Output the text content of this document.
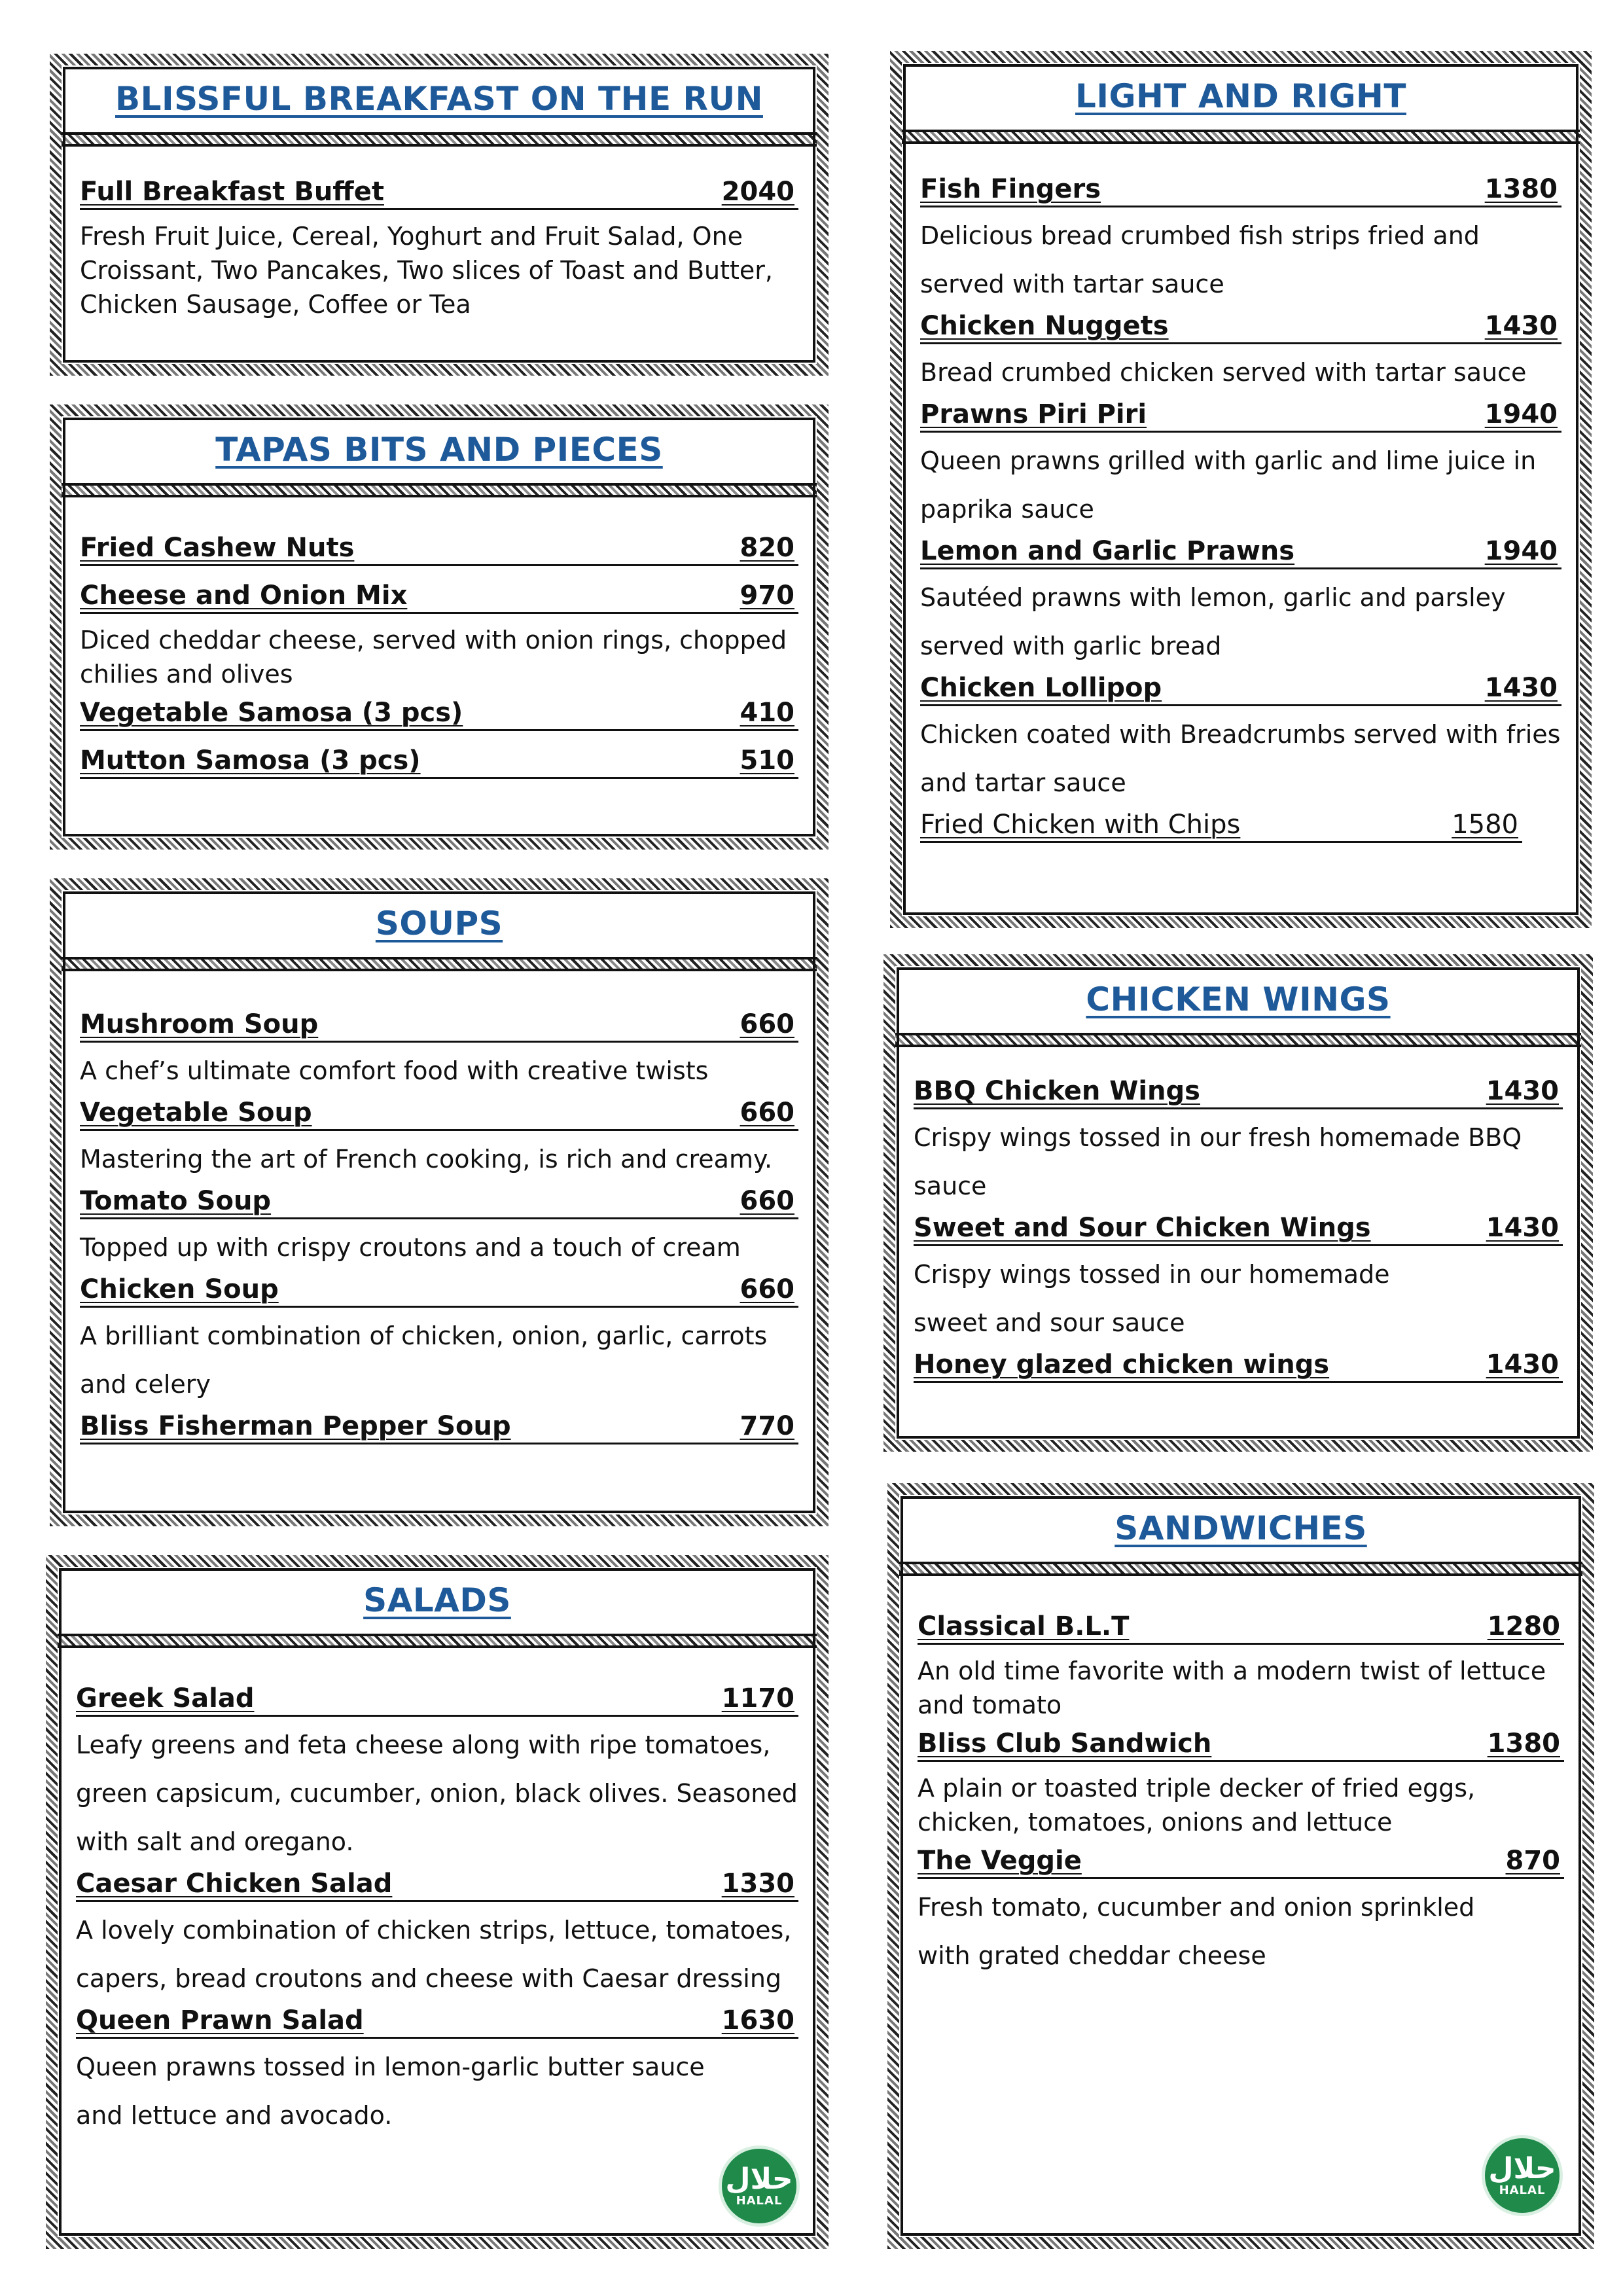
BLISSFUL BREAKFAST ON THE RUN
Full Breakfast Buffet	2040
Fresh Fruit Juice, Cereal, Yoghurt and Fruit Salad, One Croissant, Two Pancakes, Two slices of Toast and Butter, Chicken Sausage, Coffee or Tea
TAPAS BITS AND PIECES
Fried Cashew Nuts	820
Cheese and Onion Mix	970
Diced cheddar cheese, served with onion rings, chopped chilies and olives
Vegetable Samosa (3 pcs)	410
Mutton Samosa (3 pcs)	510
SOUPS
Mushroom Soup	660
A chef’s ultimate comfort food with creative twists
Vegetable Soup	660
Mastering the art of French cooking, is rich and creamy.
Tomato Soup	660
Topped up with crispy croutons and a touch of cream
Chicken Soup	660
A brilliant combination of chicken, onion, garlic, carrots and celery
Bliss Fisherman Pepper Soup	770
SALADS
Greek Salad	1170
Leafy greens and feta cheese along with ripe tomatoes, green capsicum, cucumber, onion, black olives. Seasoned with salt and oregano.
Caesar Chicken Salad	1330
A lovely combination of chicken strips, lettuce, tomatoes, capers, bread croutons and cheese with Caesar dressing
Queen Prawn Salad	1630
Queen prawns tossed in lemon-garlic butter sauce and lettuce and avocado.
حلال
HALAL
LIGHT AND RIGHT
Fish Fingers	1380
Delicious bread crumbed fish strips fried and served with tartar sauce
Chicken Nuggets	1430
Bread crumbed chicken served with tartar sauce
Prawns Piri Piri	1940
Queen prawns grilled with garlic and lime juice in paprika sauce
Lemon and Garlic Prawns	1940
Sautéed prawns with lemon, garlic and parsley served with garlic bread
Chicken Lollipop	1430
Chicken coated with Breadcrumbs served with fries and tartar sauce
Fried Chicken with Chips	1580
CHICKEN WINGS
BBQ Chicken Wings	1430
Crispy wings tossed in our fresh homemade BBQ sauce
Sweet and Sour Chicken Wings	1430
Crispy wings tossed in our homemade sweet and sour sauce
Honey glazed chicken wings	1430
SANDWICHES
Classical B.L.T	1280
An old time favorite with a modern twist of lettuce and tomato
Bliss Club Sandwich	1380
A plain or toasted triple decker of fried eggs, chicken, tomatoes, onions and lettuce
The Veggie	870
Fresh tomato, cucumber and onion sprinkled with grated cheddar cheese
حلال
HALAL
